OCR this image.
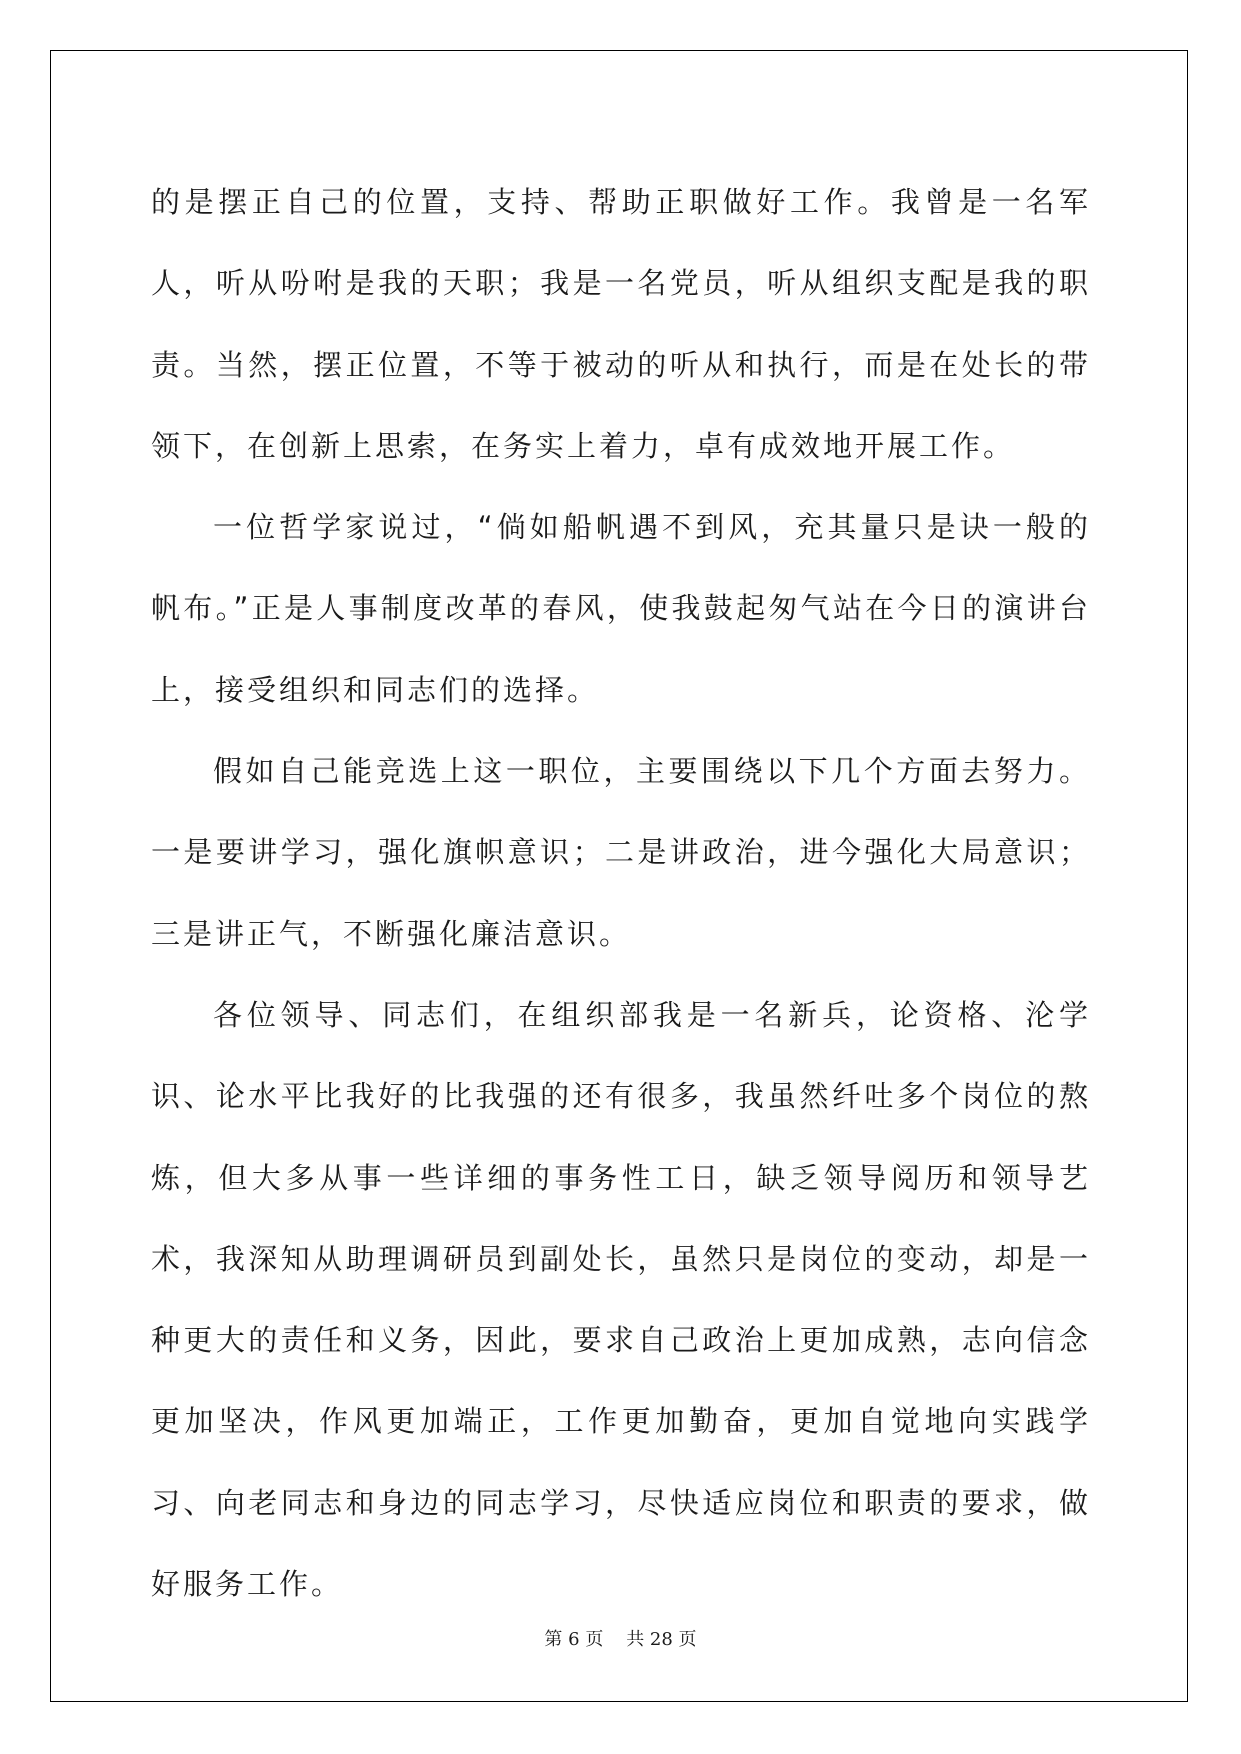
的是摆正自己的位置，支持、帮助正职做好工作。我曾是一名军人，听从吩咐是我的天职；我是一名党员，听从组织支配是我的职责。当然，摆正位置，不等于被动的听从和执行，而是在处长的带领下，在创新上思索，在务实上着力，卓有成效地开展工作。

一位哲学家说过，“倘如船帆遇不到风，充其量只是诀一般的帆布。”正是人事制度改革的春风，使我鼓起匆气站在今日的演讲台上，接受组织和同志们的选择。

假如自己能竞选上这一职位，主要围绕以下几个方面去努力。一是要讲学习，强化旗帜意识；二是讲政治，进今强化大局意识；三是讲正气，不断强化廉洁意识。

各位领导、同志们，在组织部我是一名新兵，论资格、沦学识、论水平比我好的比我强的还有很多，我虽然纤吐多个岗位的熬炼，但大多从事一些详细的事务性工日，缺乏领导阅历和领导艺术，我深知从助理调研员到副处长，虽然只是岗位的变动，却是一种更大的责任和义务，因此，要求自己政治上更加成熟，志向信念更加坚决，作风更加端正，工作更加勤奋，更加自觉地向实践学习、向老同志和身边的同志学习，尽快适应岗位和职责的要求，做好服务工作。

第 6 页    共 28 页
